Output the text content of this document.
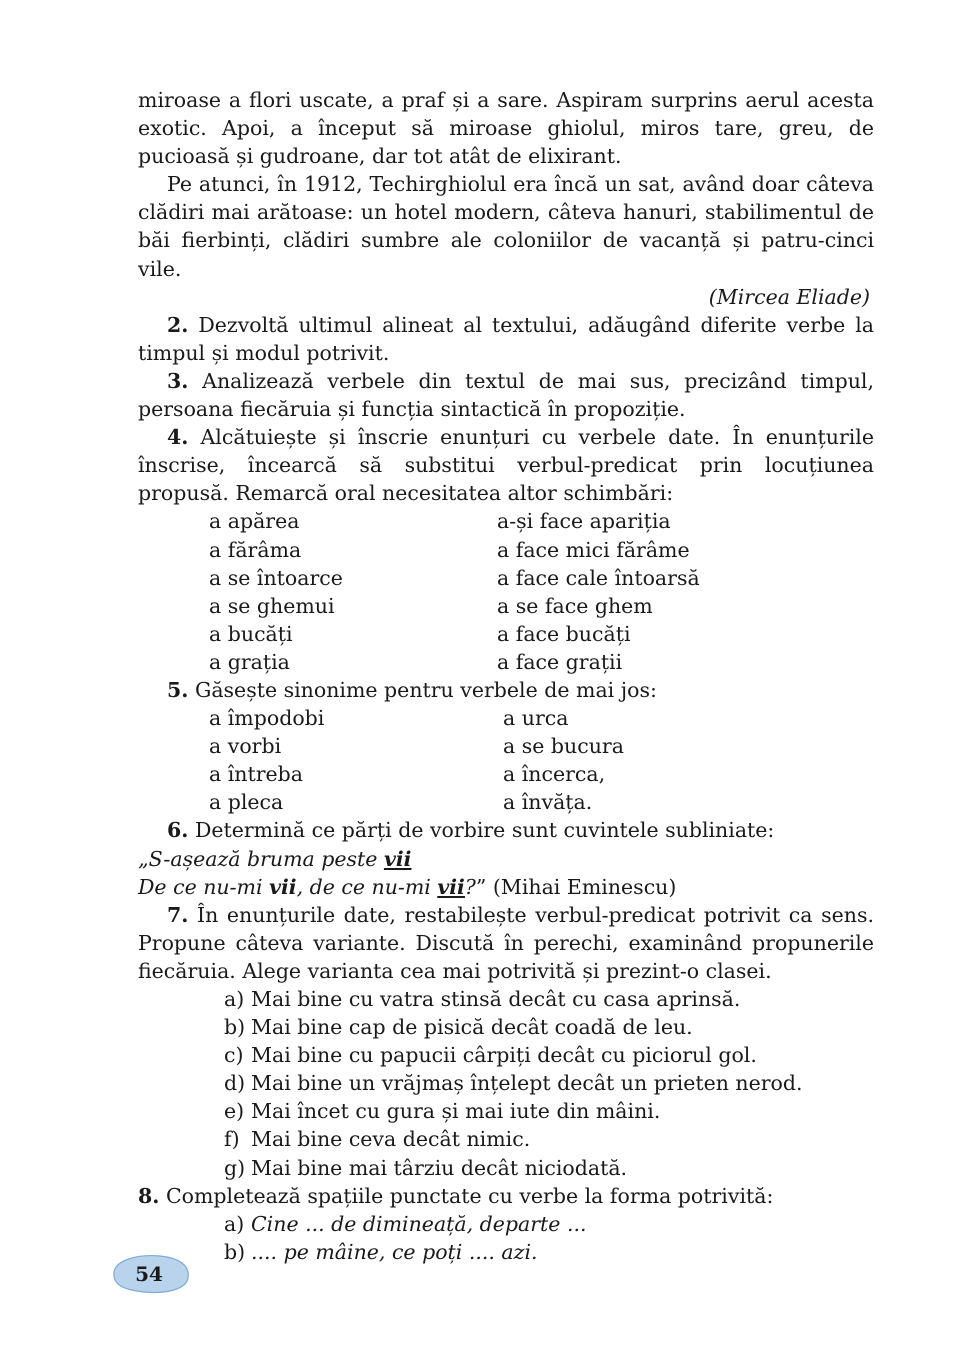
miroase a flori uscate, a praf și a sare. Aspiram surprins aerul acesta exotic. Apoi, a început să miroase ghiolul, miros tare, greu, de pucioasă și gudroane, dar tot atât de elixirant.

Pe atunci, în 1912, Techirghiolul era încă un sat, având doar câteva clădiri mai arătoase: un hotel modern, câteva hanuri, stabilimentul de băi fierbinți, clădiri sumbre ale coloniilor de vacanță și patru-cinci vile.

(Mircea Eliade)

2. Dezvoltă ultimul alineat al textului, adăugând diferite verbe la timpul și modul potrivit.

3. Analizează verbele din textul de mai sus, precizând timpul, persoana fiecăruia și funcția sintactică în propoziție.

4. Alcătuiește și înscrie enunțuri cu verbele date. În enunțurile înscrise, încearcă să substitui verbul-predicat prin locuțiunea propusă. Remarcă oral necesitatea altor schimbări:

a apărea	a-și face apariția
a fărâma	a face mici fărâme
a se întoarce	a face cale întoarsă
a se ghemui	a se face ghem
a bucăți	a face bucăți
a grația	a face grații

5. Găsește sinonime pentru verbele de mai jos:

a împodobi	a urca
a vorbi	a se bucura
a întreba	a încerca,
a pleca	a învăța.

6. Determină ce părți de vorbire sunt cuvintele subliniate:

„S-așează bruma peste vii

De ce nu-mi vii, de ce nu-mi vii?” (Mihai Eminescu)

7. În enunțurile date, restabilește verbul-predicat potrivit ca sens. Propune câteva variante. Discută în perechi, examinând propunerile fiecăruia. Alege varianta cea mai potrivită și prezint-o clasei.

a) Mai bine cu vatra stinsă decât cu casa aprinsă.
b) Mai bine cap de pisică decât coadă de leu.
c) Mai bine cu papucii cârpiți decât cu piciorul gol.
d) Mai bine un vrăjmaș înțelept decât un prieten nerod.
e) Mai încet cu gura și mai iute din mâini.
f) Mai bine ceva decât nimic.
g) Mai bine mai târziu decât niciodată.

8. Completează spațiile punctate cu verbe la forma potrivită:

a) Cine ... de dimineață, departe ...
b) .... pe mâine, ce poți .... azi.
54
